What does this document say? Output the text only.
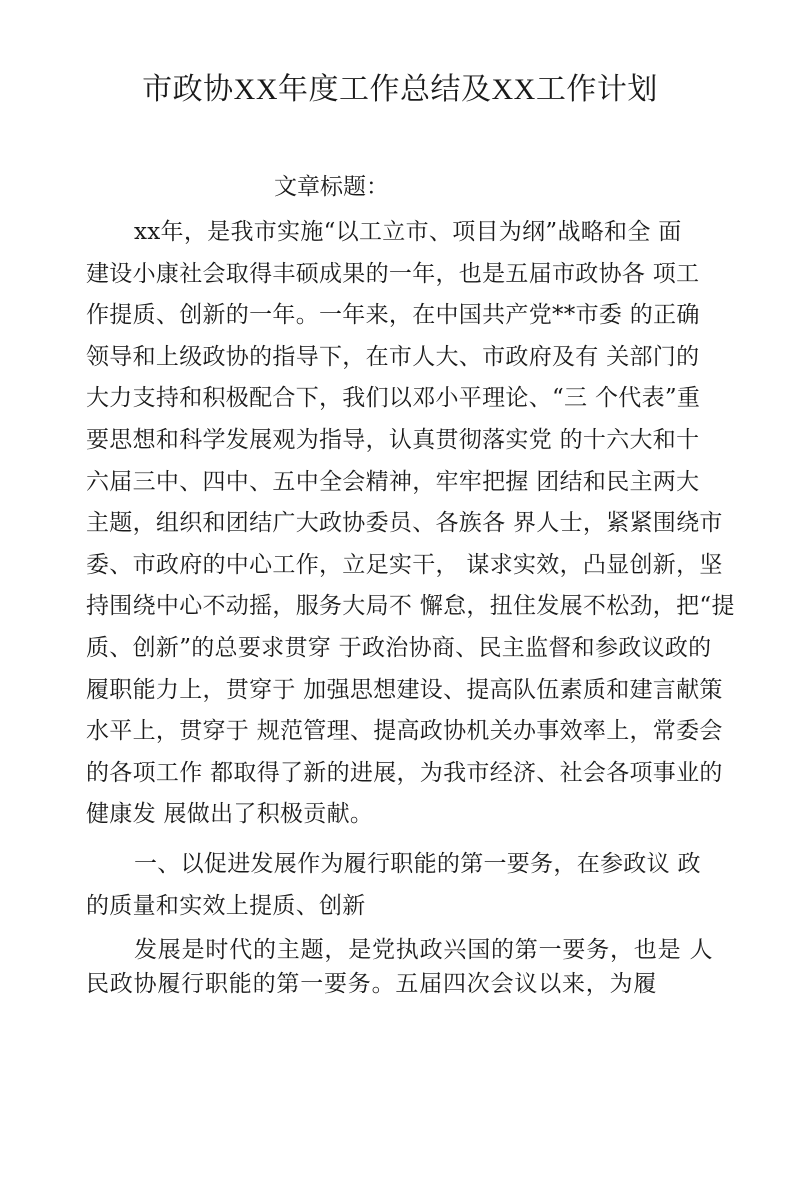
市政协XX年度工作总结及XX工作计划
文章标题：
xx年，是我市实施“以工立市、项目为纲”战略和全 面
建设小康社会取得丰硕成果的一年，也是五届市政协各 项工
作提质、创新的一年。一年来，在中国共产党**市委 的正确
领导和上级政协的指导下，在市人大、市政府及有 关部门的
大力支持和积极配合下，我们以邓小平理论、“三 个代表”重
要思想和科学发展观为指导，认真贯彻落实党 的十六大和十
六届三中、四中、五中全会精神，牢牢把握 团结和民主两大
主题，组织和团结广大政协委员、各族各 界人士，紧紧围绕市
委、市政府的中心工作，立足实干， 谋求实效，凸显创新，坚
持围绕中心不动摇，服务大局不 懈怠，扭住发展不松劲，把“提
质、创新”的总要求贯穿 于政治协商、民主监督和参政议政的
履职能力上，贯穿于 加强思想建设、提高队伍素质和建言献策
水平上，贯穿于 规范管理、提高政协机关办事效率上，常委会
的各项工作 都取得了新的进展，为我市经济、社会各项事业的
健康发 展做出了积极贡献。
一、以促进发展作为履行职能的第一要务，在参政议 政
的质量和实效上提质、创新
发展是时代的主题，是党执政兴国的第一要务，也是 人
民政协履行职能的第一要务。五届四次会议以来，为履
